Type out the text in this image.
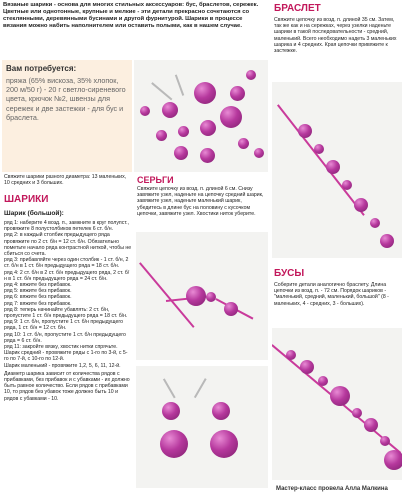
Вязаные шарики - основа для многих стильных аксессуаров: бус, браслетов, сережек. Цветные или однотонные, крупные и мелкие - эти детали прекрасно сочетаются со стеклянными, деревянными бусинами и другой фурнитурой. Шарики в процессе вязания можно набить наполнителем или оставить полыми, как в нашем случае.
Вам потребуется:
пряжа (65% вискоза, 35% хлопок, 200 м/50 г) - 20 г светло-сиреневого цвета, крючок №2, швензы для сережек и две застежки - для бус и браслета.
Свяжите шарики разного диаметра: 13 маленьких, 10 средних и 3 больших.
ШАРИКИ
Шарик (большой):

ряд 1: наберите 4 возд. п., замкните в круг полупст., провяжите 8 полустолбиков петелек 6 ст. б/н.

ряд 2: в каждый столбик предыдущего ряда провяжите по 2 ст. б/н = 12 ст. б/н. Обязательно пометьте начало ряда контрастной ниткой, чтобы не сбиться со счета.

ряд 3: прибавляйте через один столбик - 1 ст. б/н, 2 ст. б/н в 1 ст. б/н предыдущего ряда = 18 ст. б/н.

ряд 4: 2 ст. б/н в 2 ст. б/н предыдущего ряда, 2 ст. б/н в 1 ст. б/н предыдущего ряда = 24 ст. б/н.

ряд 4: вяжите без прибавок.

ряд 5: вяжите без прибавок.

ряд 6: вяжите без прибавок.

ряд 7: вяжите без прибавок.

ряд 8: теперь начинайте убавлять: 2 ст. б/н, пропустите 1 ст. б/н предыдущего ряда = 18 ст. б/н.

ряд 9: 1 ст. б/н, пропустите 1 ст. б/н предыдущего ряда, 1 ст. б/н = 12 ст. б/н.

ряд 10: 1 ст. б/н, пропустите 1 ст. б/н предыдущего ряда = 6 ст. б/н.

ряд 11: закройте вязку, хвостик нитки спрячьте.

Шарик средний - провяжите ряды с 1-го по 3-й, с 5-го по 7-й, с 10-го по 12-й.

Шарик маленький - провяжите 1,2, 5, 6, 11, 12-й.

Диаметр шарика зависит от количества рядов с прибавками, без прибавок и с убавками - их должно быть равное количество. Если рядов с прибавками 10, то рядов без убавок тоже должно быть 10 и рядов с убавками - 10.

СЕРЬГИ
Свяжите цепочку из возд. п. длиной 6 см. Снизу завяжите узел, наденьте на цепочку средний шарик, завяжите узел, наденьте маленький шарик, убедитесь в длине бус на половину с кусочком цепочки, завяжите узел. Хвостики ниток уберите.
БРАСЛЕТ
Свяжите цепочку из возд. п. длиной 35 см. Затем, так же как и на сережках, через узелки наденьте шарики в такой последовательности - средний, маленький. Всего необходимо надеть 3 маленьких шарика и 4 средних. Края цепочки привяжите к застежке.
БУСЫ
Соберите детали аналогично браслету. Длина цепочки из возд. п. - 72 см. Порядок шариков - "маленький, средний, маленький, большой" (8 - маленьких, 4 - средних, 3 - больших).
Мастер-класс провела Алла Малкина
